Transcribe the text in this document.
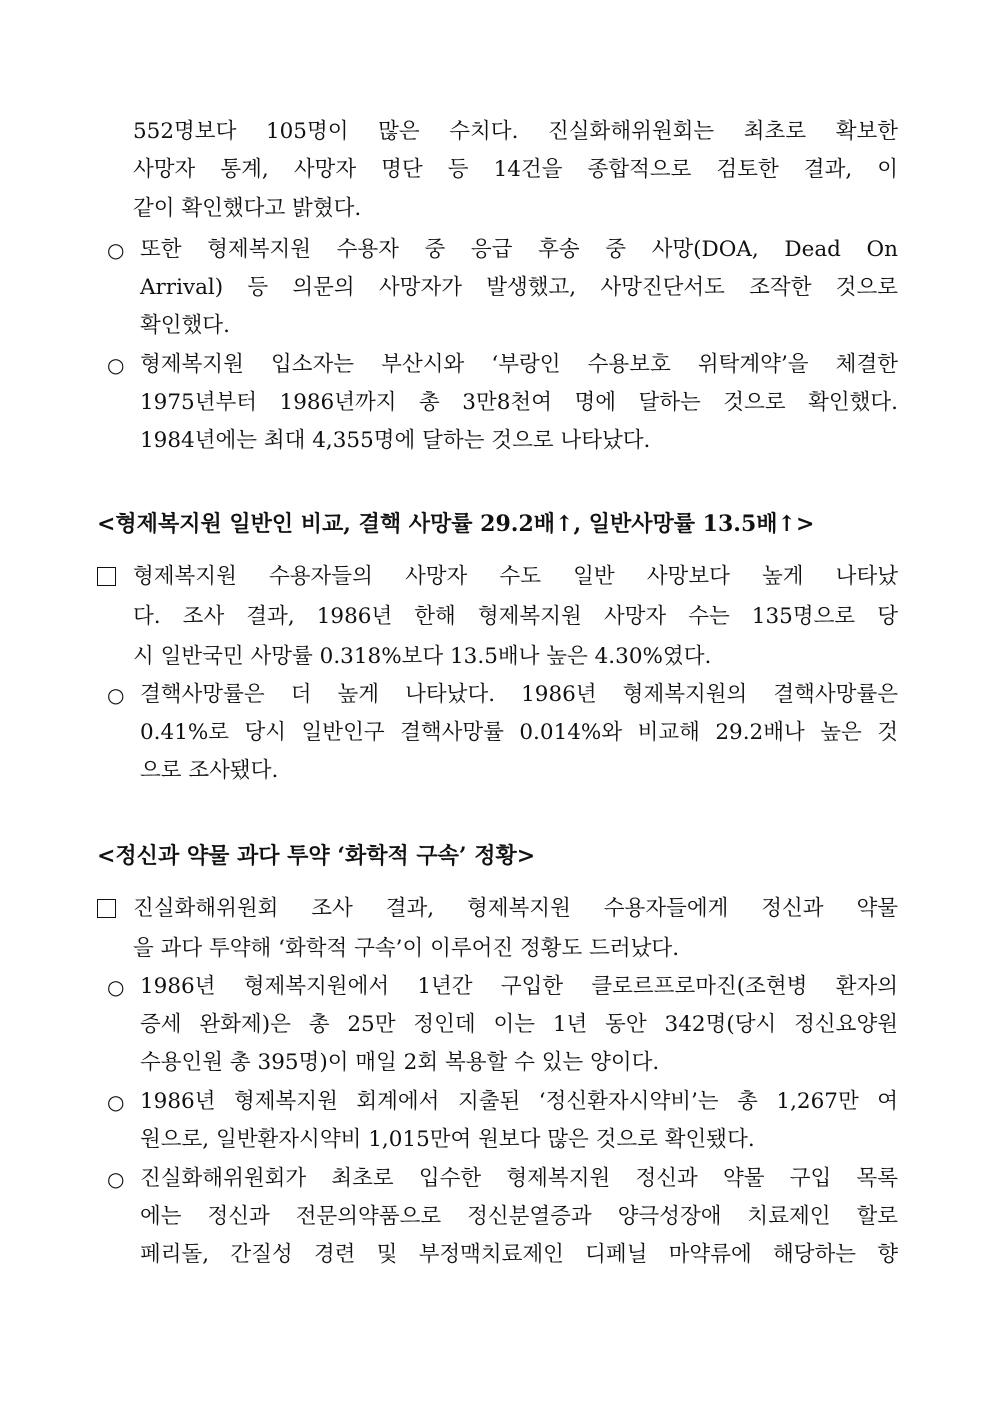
552명보다 105명이 많은 수치다. 진실화해위원회는 최초로 확보한
사망자 통계, 사망자 명단 등 14건을 종합적으로 검토한 결과, 이
같이 확인했다고 밝혔다.
○ 또한 형제복지원 수용자 중 응급 후송 중 사망(DOA, Dead On
Arrival) 등 의문의 사망자가 발생했고, 사망진단서도 조작한 것으로
확인했다.
○ 형제복지원 입소자는 부산시와 ‘부랑인 수용보호 위탁계약’을 체결한
1975년부터 1986년까지 총 3만8천여 명에 달하는 것으로 확인했다.
1984년에는 최대 4,355명에 달하는 것으로 나타났다.
<형제복지원 일반인 비교, 결핵 사망률 29.2배↑, 일반사망률 13.5배↑>
형제복지원 수용자들의 사망자 수도 일반 사망보다 높게 나타났
다. 조사 결과, 1986년 한해 형제복지원 사망자 수는 135명으로 당
시 일반국민 사망률 0.318%보다 13.5배나 높은 4.30%였다.
○ 결핵사망률은 더 높게 나타났다. 1986년 형제복지원의 결핵사망률은
0.41%로 당시 일반인구 결핵사망률 0.014%와 비교해 29.2배나 높은 것
으로 조사됐다.
<정신과 약물 과다 투약 ‘화학적 구속’ 정황>
진실화해위원회 조사 결과, 형제복지원 수용자들에게 정신과 약물
을 과다 투약해 ‘화학적 구속’이 이루어진 정황도 드러났다.
○ 1986년 형제복지원에서 1년간 구입한 클로르프로마진(조현병 환자의
증세 완화제)은 총 25만 정인데 이는 1년 동안 342명(당시 정신요양원
수용인원 총 395명)이 매일 2회 복용할 수 있는 양이다.
○ 1986년 형제복지원 회계에서 지출된 ‘정신환자시약비’는 총 1,267만 여
원으로, 일반환자시약비 1,015만여 원보다 많은 것으로 확인됐다.
○ 진실화해위원회가 최초로 입수한 형제복지원 정신과 약물 구입 목록
에는 정신과 전문의약품으로 정신분열증과 양극성장애 치료제인 할로
페리돌, 간질성 경련 및 부정맥치료제인 디페닐 마약류에 해당하는 향
